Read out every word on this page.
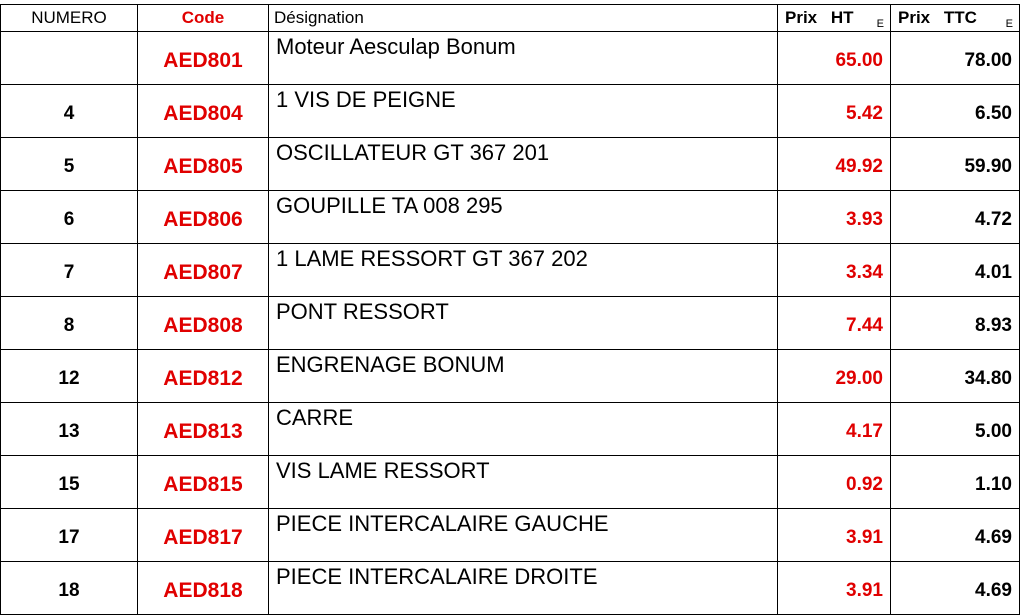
NUMERO	Code	Désignation	Prix HT E	Prix TTC E

	AED801	Moteur Aesculap Bonum	65.00	78.00
4	AED804	1 VIS DE PEIGNE	5.42	6.50
5	AED805	OSCILLATEUR GT 367 201	49.92	59.90
6	AED806	GOUPILLE TA 008 295	3.93	4.72
7	AED807	1 LAME RESSORT GT 367 202	3.34	4.01
8	AED808	PONT RESSORT	7.44	8.93
12	AED812	ENGRENAGE BONUM	29.00	34.80
13	AED813	CARRE	4.17	5.00
15	AED815	VIS LAME RESSORT	0.92	1.10
17	AED817	PIECE INTERCALAIRE GAUCHE	3.91	4.69
18	AED818	PIECE INTERCALAIRE DROITE	3.91	4.69
